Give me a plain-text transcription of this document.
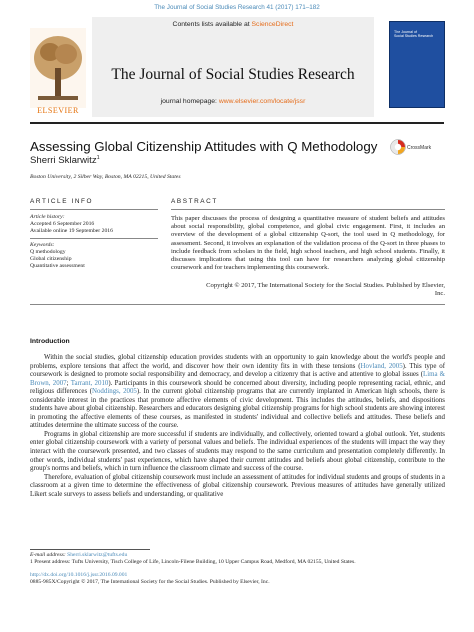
The Journal of Social Studies Research 41 (2017) 171–182
Contents lists available at ScienceDirect
The Journal of Social Studies Research
journal homepage: www.elsevier.com/locate/jssr
ELSEVIER
The Journal of
Social Studies Research
Assessing Global Citizenship Attitudes with Q Methodology	CrossMark
Sherri Sklarwitz$^1$
Boston University, 2 Silber Way, Boston, MA 02215, United States
ARTICLE INFO	ABSTRACT
Article history:
Accepted 6 September 2016
Available online 19 September 2016
Keywords:
Q methodology
Global citizenship
Quantitative assessment
This paper discusses the process of designing a quantitative measure of student beliefs and attitudes about social responsibility, global competence, and global civic engagement. First, it includes an overview of the development of a global citizenship Q-sort, the tool used in Q methodology, for assessment. Second, it involves an explanation of the validation process of the Q-sort in three phases to include feedback from scholars in the field, high school teachers, and high school students. Finally, it discusses implications that using this tool can have for researchers analyzing global citizenship coursework and for teachers implementing this coursework.
Copyright © 2017, The International Society for the Social Studies. Published by Elsevier,
Inc.
Introduction

Within the social studies, global citizenship education provides students with an opportunity to gain knowledge about the world's people and problems, explore tensions that affect the world, and discover how their own identity fits in with these tensions (Hovland, 2005). This type of coursework is designed to promote social responsibility and democracy, and develop a citizenry that is active and attentive to global issues (Lima & Brown, 2007; Tarrant, 2010). Participants in this coursework should be concerned about diversity, including people representing racial, ethnic, and religious differences (Noddings, 2005). In the current global citizenship programs that are currently implanted in American high schools, there is considerable interest in the practices that promote affective elements of civic development. This includes the attitudes, beliefs, and dispositions students have about global citizenship. Researchers and educators designing global citizenship programs for high school students are showing interest in promoting the affective elements of these courses, as manifested in students' individual and collective beliefs and attitudes. These beliefs and attitudes determine the ultimate success of the course.

Programs in global citizenship are more successful if students are individually, and collectively, oriented toward a global outlook. Yet, students enter global citizenship coursework with a variety of personal values and beliefs. The individual experiences of the students will impact the way they interact with the coursework presented, and two classes of students may respond to the same curriculum and presentation completely differently. In other words, individual students' past experiences, which have shaped their current attitudes and beliefs about global citizenship, contribute to the group's norms and beliefs, which in turn influence the classroom climate and success of the course.

Therefore, evaluation of global citizenship coursework must include an assessment of attitudes for individual students and groups of students in a classroom at a given time to determine the effectiveness of global citizenship coursework. Previous measures of attitudes have generally utilized Likert scale surveys to assess beliefs and understanding, or qualitative

E-mail address: Sherri.sklarwitz@tufts.edu
1 Present address: Tufts University, Tisch College of Life, Lincoln-Filene Building, 10 Upper Campus Road, Medford, MA 02155, United States.
http://dx.doi.org/10.1016/j.jssr.2016.09.001
0885-985X/Copyright © 2017, The International Society for the Social Studies. Published by Elsevier, Inc.
